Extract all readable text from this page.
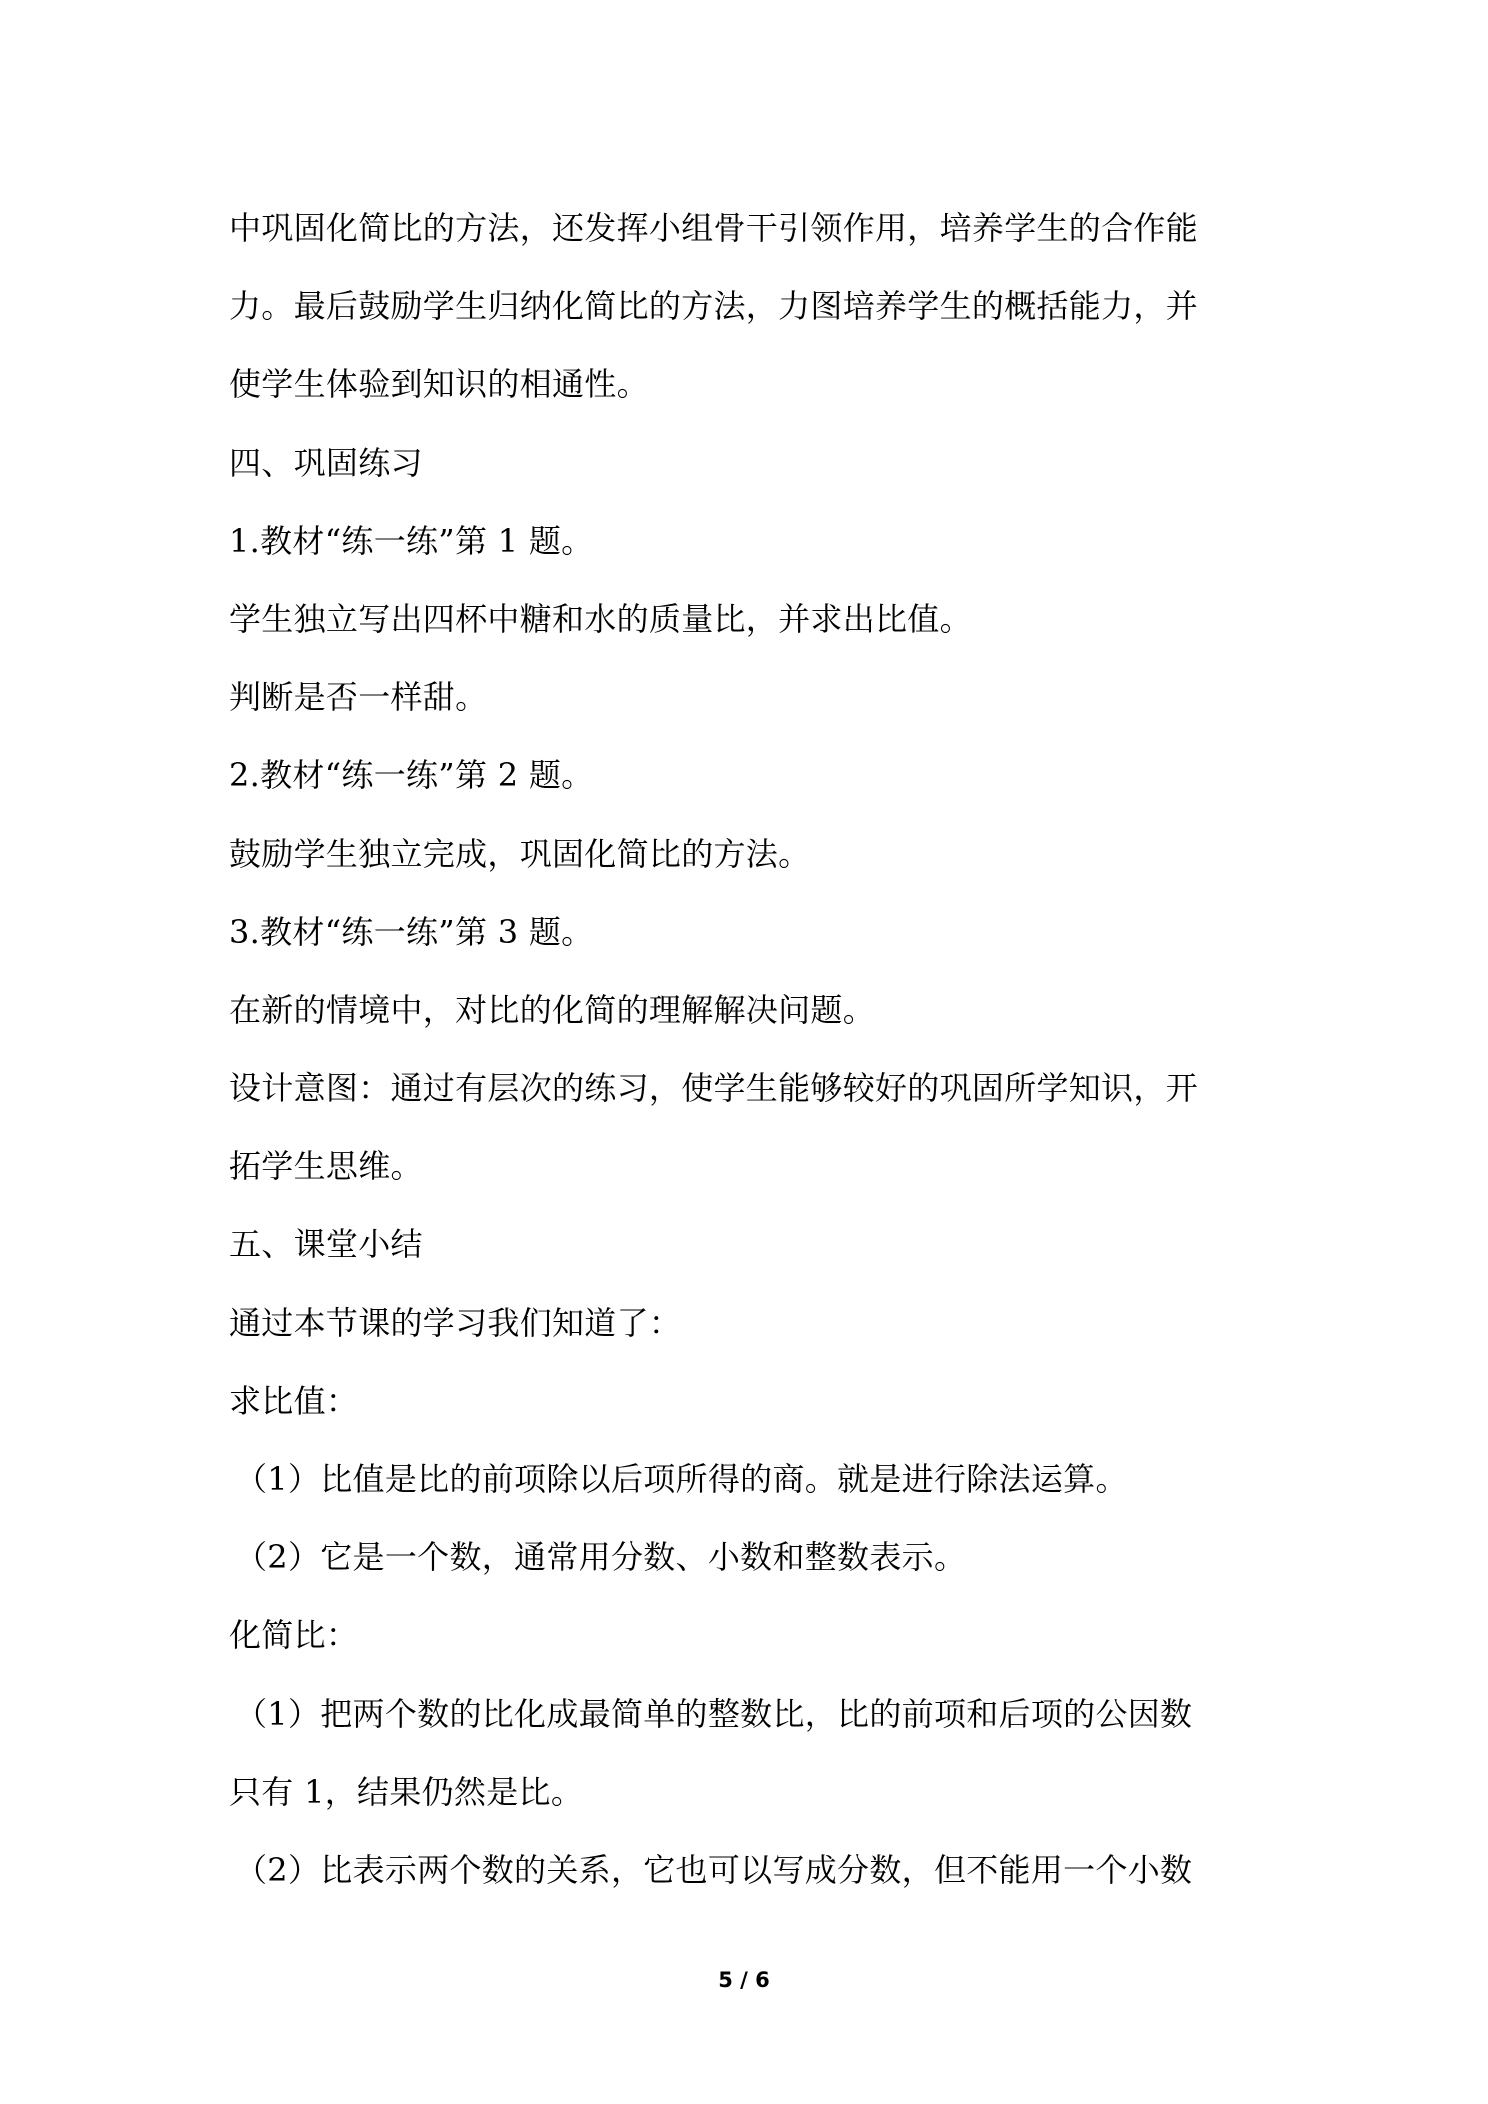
中巩固化简比的方法，还发挥小组骨干引领作用，培养学生的合作能
力。最后鼓励学生归纳化简比的方法，力图培养学生的概括能力，并
使学生体验到知识的相通性。
四、巩固练习
1.教材“练一练”第 1 题。
学生独立写出四杯中糖和水的质量比，并求出比值。
判断是否一样甜。
2.教材“练一练”第 2 题。
鼓励学生独立完成，巩固化简比的方法。
3.教材“练一练”第 3 题。
在新的情境中，对比的化简的理解解决问题。
设计意图：通过有层次的练习，使学生能够较好的巩固所学知识，开
拓学生思维。
五、课堂小结
通过本节课的学习我们知道了：
求比值：
（1）比值是比的前项除以后项所得的商。就是进行除法运算。
（2）它是一个数，通常用分数、小数和整数表示。
化简比：
（1）把两个数的比化成最简单的整数比，比的前项和后项的公因数
只有 1，结果仍然是比。
（2）比表示两个数的关系，它也可以写成分数，但不能用一个小数
5 / 6
